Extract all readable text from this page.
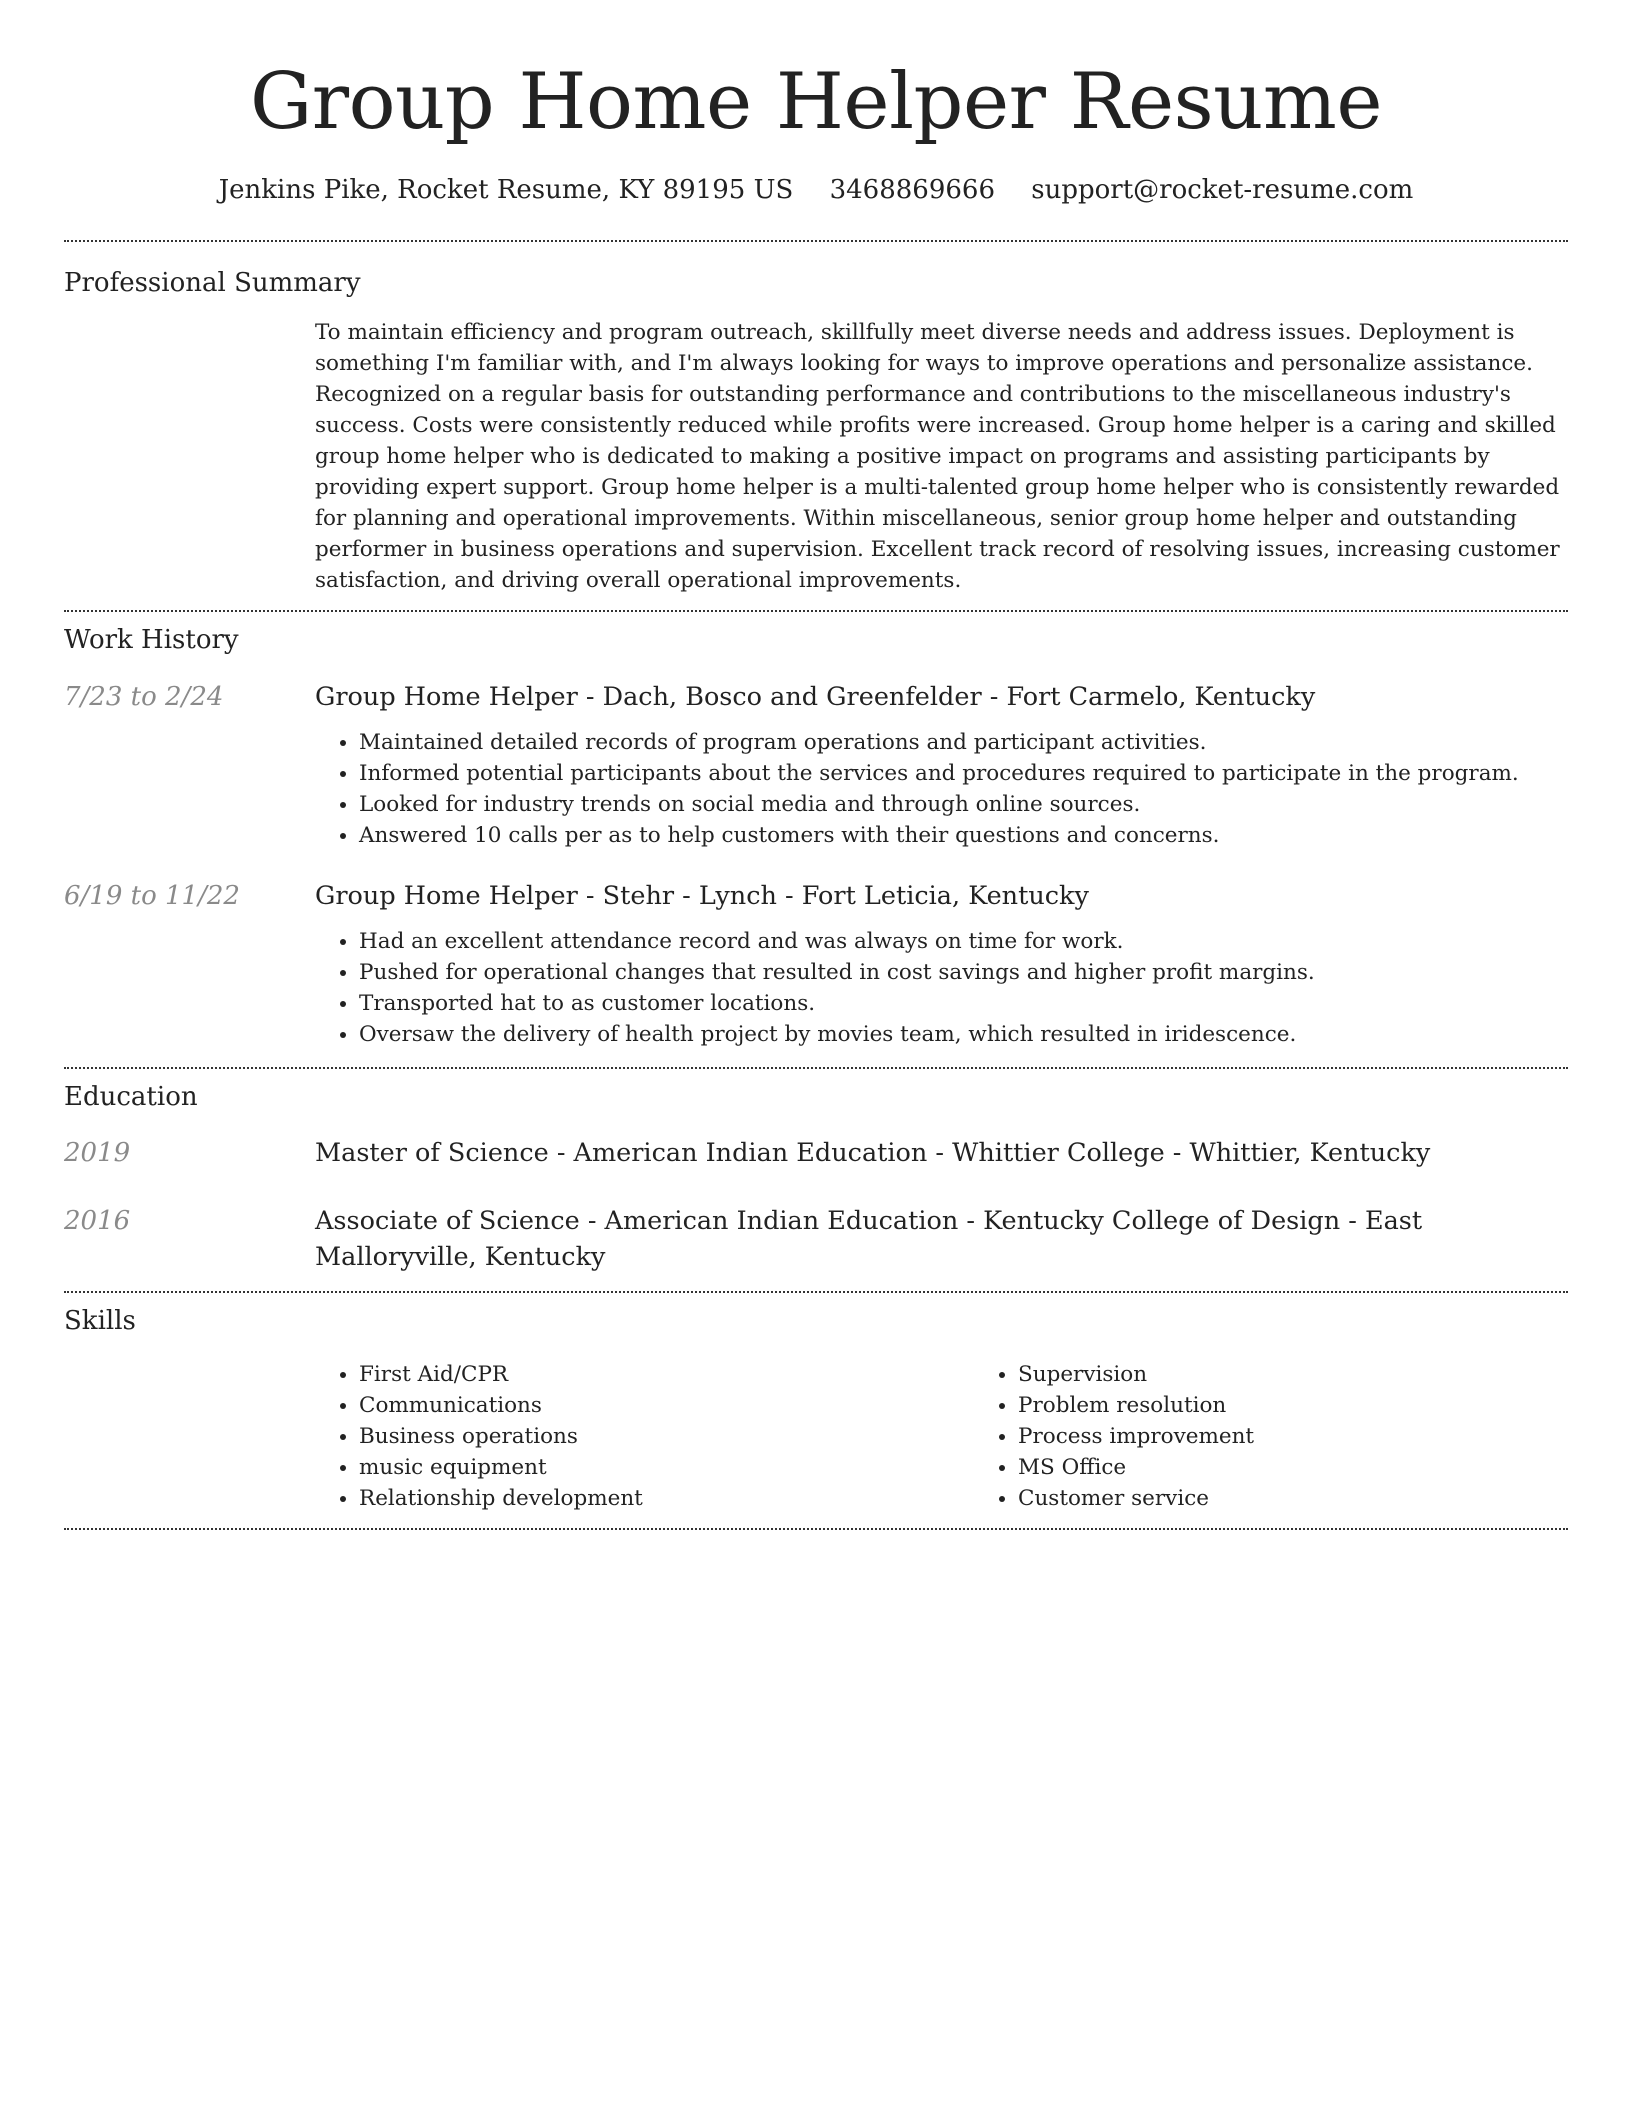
Group Home Helper Resume
Jenkins Pike, Rocket Resume, KY 89195 US 3468869666 support@rocket-resume.com
Professional Summary

To maintain efficiency and program outreach, skillfully meet diverse needs and address issues. Deployment is something I'm familiar with, and I'm always looking for ways to improve operations and personalize assistance. Recognized on a regular basis for outstanding performance and contributions to the miscellaneous industry's success. Costs were consistently reduced while profits were increased. Group home helper is a caring and skilled group home helper who is dedicated to making a positive impact on programs and assisting participants by providing expert support. Group home helper is a multi-talented group home helper who is consistently rewarded for planning and operational improvements. Within miscellaneous, senior group home helper and outstanding performer in business operations and supervision. Excellent track record of resolving issues, increasing customer satisfaction, and driving overall operational improvements.

Work History
7/23 to 2/24	Group Home Helper - Dach, Bosco and Greenfelder - Fort Carmelo, Kentucky
• Maintained detailed records of program operations and participant activities.
• Informed potential participants about the services and procedures required to participate in the program.
• Looked for industry trends on social media and through online sources.
• Answered 10 calls per as to help customers with their questions and concerns.
6/19 to 11/22	Group Home Helper - Stehr - Lynch - Fort Leticia, Kentucky
• Had an excellent attendance record and was always on time for work.
• Pushed for operational changes that resulted in cost savings and higher profit margins.
• Transported hat to as customer locations.
• Oversaw the delivery of health project by movies team, which resulted in iridescence.
Education
2019	Master of Science - American Indian Education - Whittier College - Whittier, Kentucky
2016	Associate of Science - American Indian Education - Kentucky College of Design - East Malloryville, Kentucky
Skills
• First Aid/CPR
• Communications
• Business operations
• music equipment
• Relationship development
• Supervision
• Problem resolution
• Process improvement
• MS Office
• Customer service
